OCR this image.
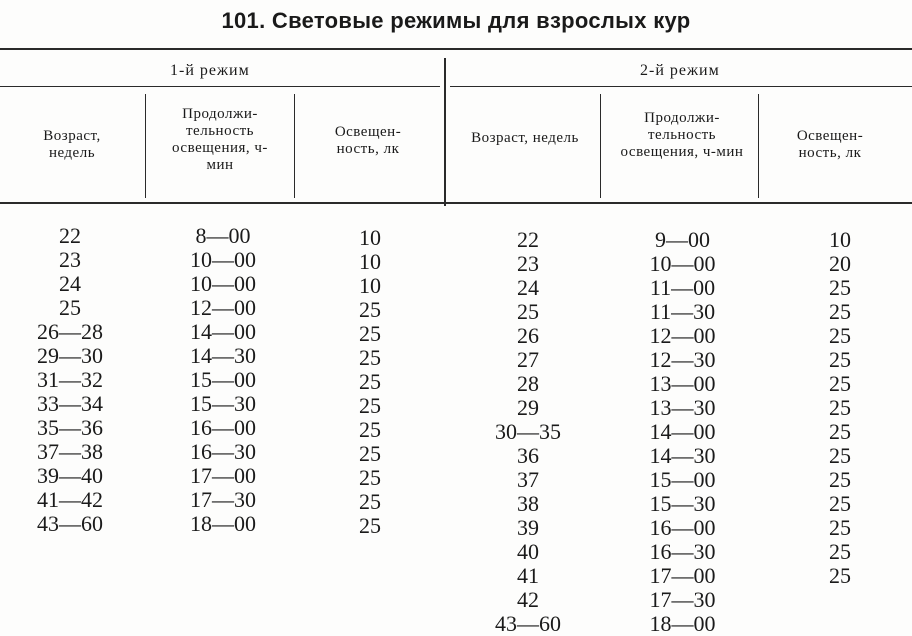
101. Световые режимы для взрослых кур
1-й режим	2-й режим
Возраст, недель
Продолжи-тельность освещения, ч-мин
Освещен-ность, лк
Возраст, недель
Продолжи-тельность освещения, ч-мин
Освещен-ность, лк
22
23
24
25
26—28
29—30
31—32
33—34
35—36
37—38
39—40
41—42
43—60
8—00
10—00
10—00
12—00
14—00
14—30
15—00
15—30
16—00
16—30
17—00
17—30
18—00
10
10
10
25
25
25
25
25
25
25
25
25
25
22
23
24
25
26
27
28
29
30—35
36
37
38
39
40
41
42
43—60
9—00
10—00
11—00
11—30
12—00
12—30
13—00
13—30
14—00
14—30
15—00
15—30
16—00
16—30
17—00
17—30
18—00
10
20
25
25
25
25
25
25
25
25
25
25
25
25
25
